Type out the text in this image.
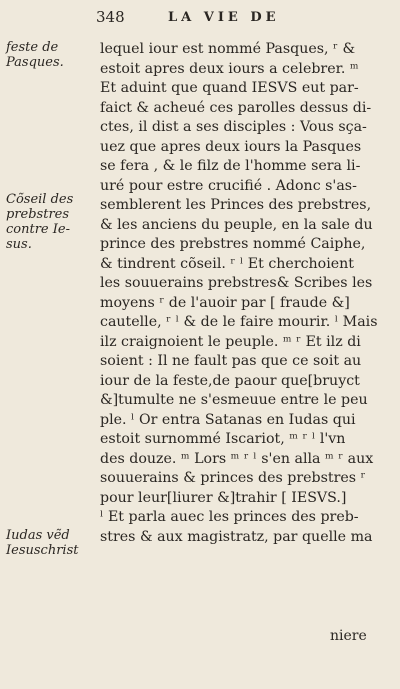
348	LA VIE DE
feste de
Pasques.
Cõseil des
prebstres
contre Ie-
sus.
Iudas vẽd
Iesuschrist
lequel iour est nommé Pasques, ʳ &
estoit apres deux iours a celebrer. ᵐ
Et aduint que quand IESVS eut par-
faict & acheué ces parolles dessus di-
ctes, il dist a ses disciples : Vous sça-
uez que apres deux iours la Pasques
se fera , & le filz de l'homme sera li-
uré pour estre crucifié . Adonc s'as-
semblerent les Princes des prebstres,
& les anciens du peuple, en la sale du
prince des prebstres nommé Caiphe,
& tindrent cõseil. ʳ ˡ Et cherchoient
les souuerains prebstres& Scribes les
moyens ʳ de l'auoir par [ fraude &]
cautelle, ʳ ˡ & de le faire mourir. ˡ Mais
ilz craignoient le peuple. ᵐ ʳ Et ilz di
soient : Il ne fault pas que ce soit au
iour de la feste,de paour que[bruyct
&]tumulte ne s'esmeuue entre le peu
ple. ˡ Or entra Satanas en Iudas qui
estoit surnommé Iscariot, ᵐ ʳ ˡ l'vn
des douze. ᵐ Lors ᵐ ʳ ˡ s'en alla ᵐ ʳ aux
souuerains & princes des prebstres ʳ
pour leur[liurer &]trahir [ IESVS.]
ˡ Et parla auec les princes des preb-
stres & aux magistratz, par quelle ma
niere
